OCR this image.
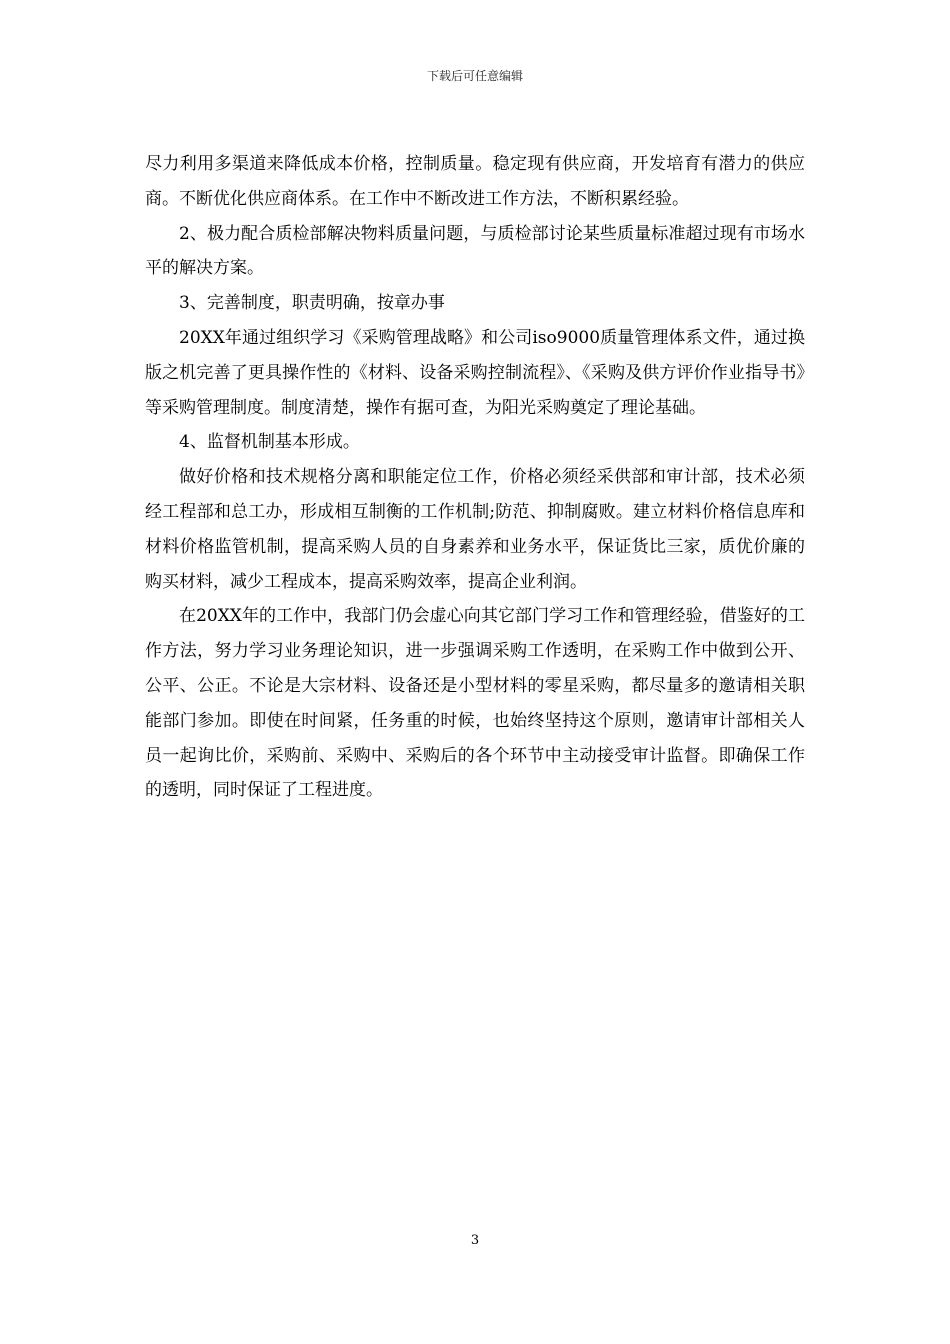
下载后可任意编辑

尽力利用多渠道来降低成本价格，控制质量。稳定现有供应商，开发培育有潜力的供应商。不断优化供应商体系。在工作中不断改进工作方法，不断积累经验。

2、极力配合质检部解决物料质量问题，与质检部讨论某些质量标准超过现有市场水平的解决方案。

3、完善制度，职责明确，按章办事

20XX年通过组织学习《采购管理战略》和公司iso9000质量管理体系文件，通过换版之机完善了更具操作性的《材料、设备采购控制流程》、《采购及供方评价作业指导书》等采购管理制度。制度清楚，操作有据可查，为阳光采购奠定了理论基础。

4、监督机制基本形成。

做好价格和技术规格分离和职能定位工作，价格必须经采供部和审计部，技术必须经工程部和总工办，形成相互制衡的工作机制;防范、抑制腐败。建立材料价格信息库和材料价格监管机制，提高采购人员的自身素养和业务水平，保证货比三家，质优价廉的购买材料，减少工程成本，提高采购效率，提高企业利润。

在20XX年的工作中，我部门仍会虚心向其它部门学习工作和管理经验，借鉴好的工作方法，努力学习业务理论知识，进一步强调采购工作透明，在采购工作中做到公开、公平、公正。不论是大宗材料、设备还是小型材料的零星采购，都尽量多的邀请相关职能部门参加。即使在时间紧，任务重的时候，也始终坚持这个原则，邀请审计部相关人员一起询比价，采购前、采购中、采购后的各个环节中主动接受审计监督。即确保工作的透明，同时保证了工程进度。

3
